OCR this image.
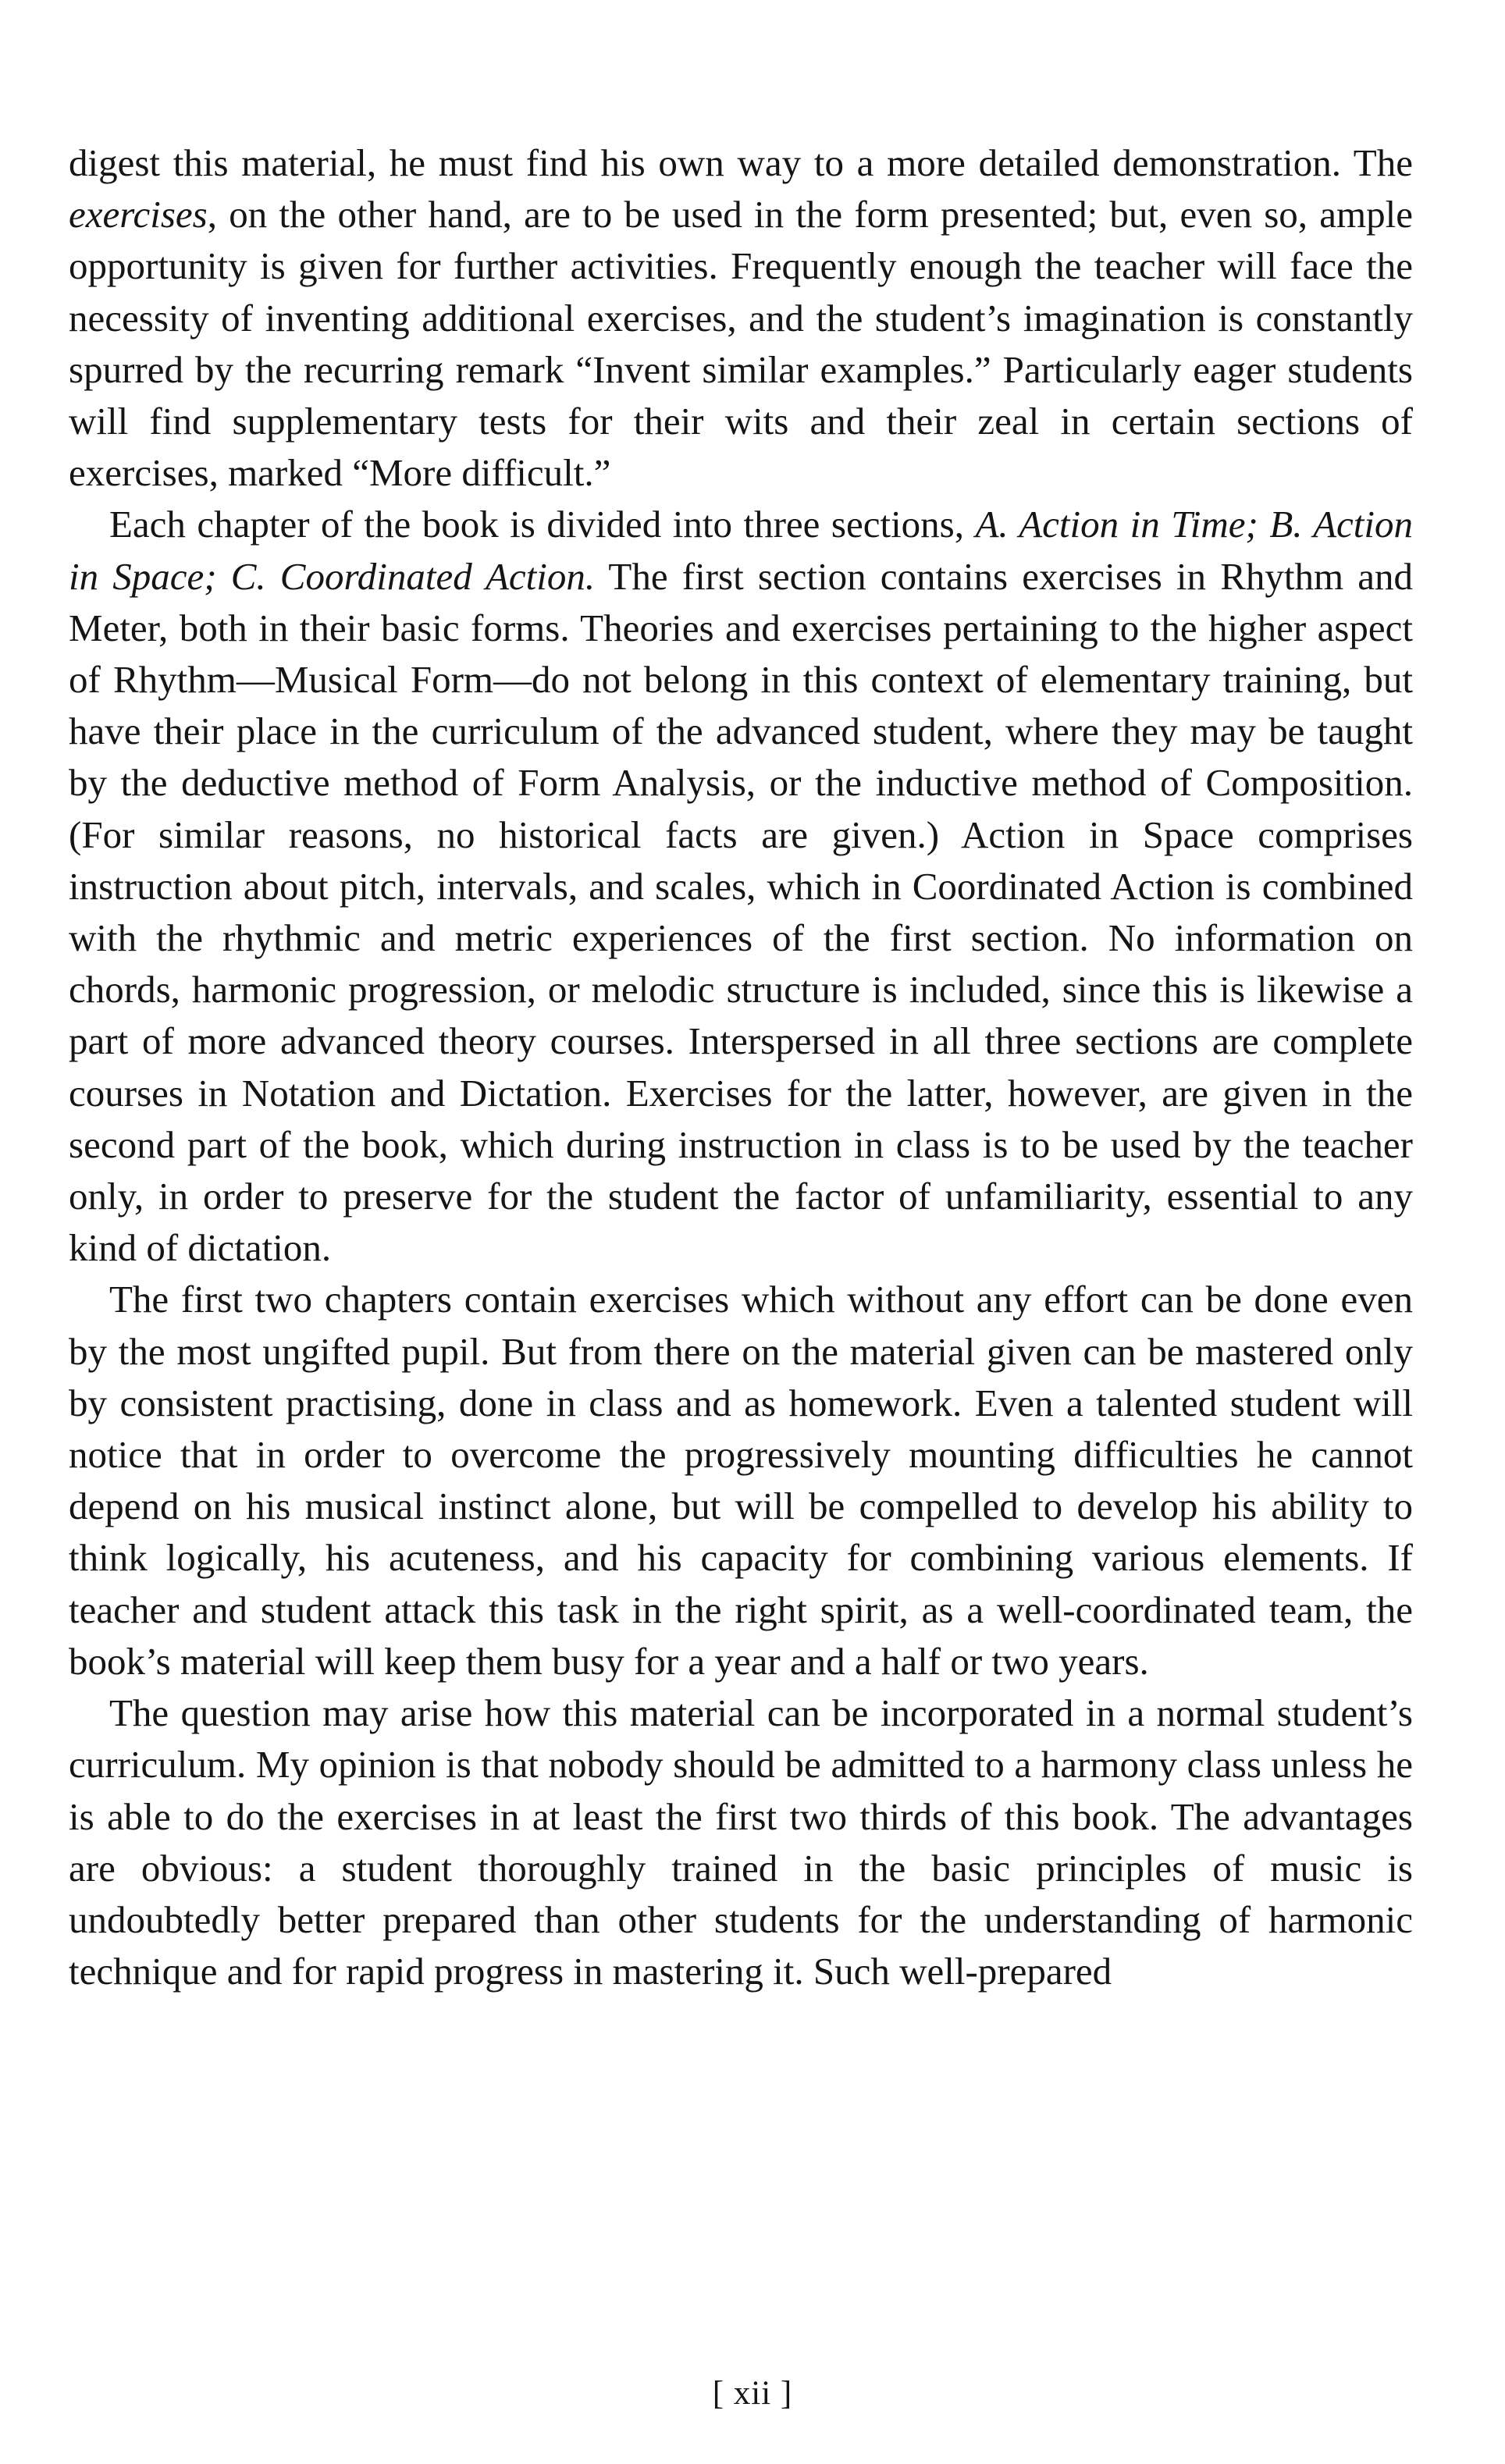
digest this material, he must find his own way to a more detailed demonstration. The exercises, on the other hand, are to be used in the form presented; but, even so, ample opportunity is given for further activities. Frequently enough the teacher will face the necessity of inventing additional exercises, and the student’s imagination is constantly spurred by the recurring remark “Invent similar examples.” Particularly eager students will find supplementary tests for their wits and their zeal in certain sections of exercises, marked “More difficult.”

Each chapter of the book is divided into three sections, A. Action in Time; B. Action in Space; C. Coordinated Action. The first section contains exercises in Rhythm and Meter, both in their basic forms. Theories and exercises pertaining to the higher aspect of Rhythm—Musical Form—do not belong in this context of elementary training, but have their place in the curriculum of the advanced student, where they may be taught by the deductive method of Form Analysis, or the inductive method of Composition. (For similar reasons, no historical facts are given.) Action in Space comprises instruction about pitch, intervals, and scales, which in Coordinated Action is combined with the rhythmic and metric experiences of the first section. No information on chords, harmonic progression, or melodic structure is included, since this is likewise a part of more advanced theory courses. Interspersed in all three sections are complete courses in Notation and Dictation. Exercises for the latter, however, are given in the second part of the book, which during instruction in class is to be used by the teacher only, in order to preserve for the student the factor of unfamiliarity, essential to any kind of dictation.

The first two chapters contain exercises which without any effort can be done even by the most ungifted pupil. But from there on the material given can be mastered only by consistent practising, done in class and as homework. Even a talented student will notice that in order to overcome the progressively mounting difficulties he cannot depend on his musical instinct alone, but will be compelled to develop his ability to think logically, his acuteness, and his capacity for combining various elements. If teacher and student attack this task in the right spirit, as a well-coordinated team, the book’s material will keep them busy for a year and a half or two years.

The question may arise how this material can be incorporated in a normal student’s curriculum. My opinion is that nobody should be admitted to a harmony class unless he is able to do the exercises in at least the first two thirds of this book. The advantages are obvious: a student thoroughly trained in the basic principles of music is undoubtedly better prepared than other students for the understanding of harmonic technique and for rapid progress in mastering it. Such well-prepared

[ xii ]
